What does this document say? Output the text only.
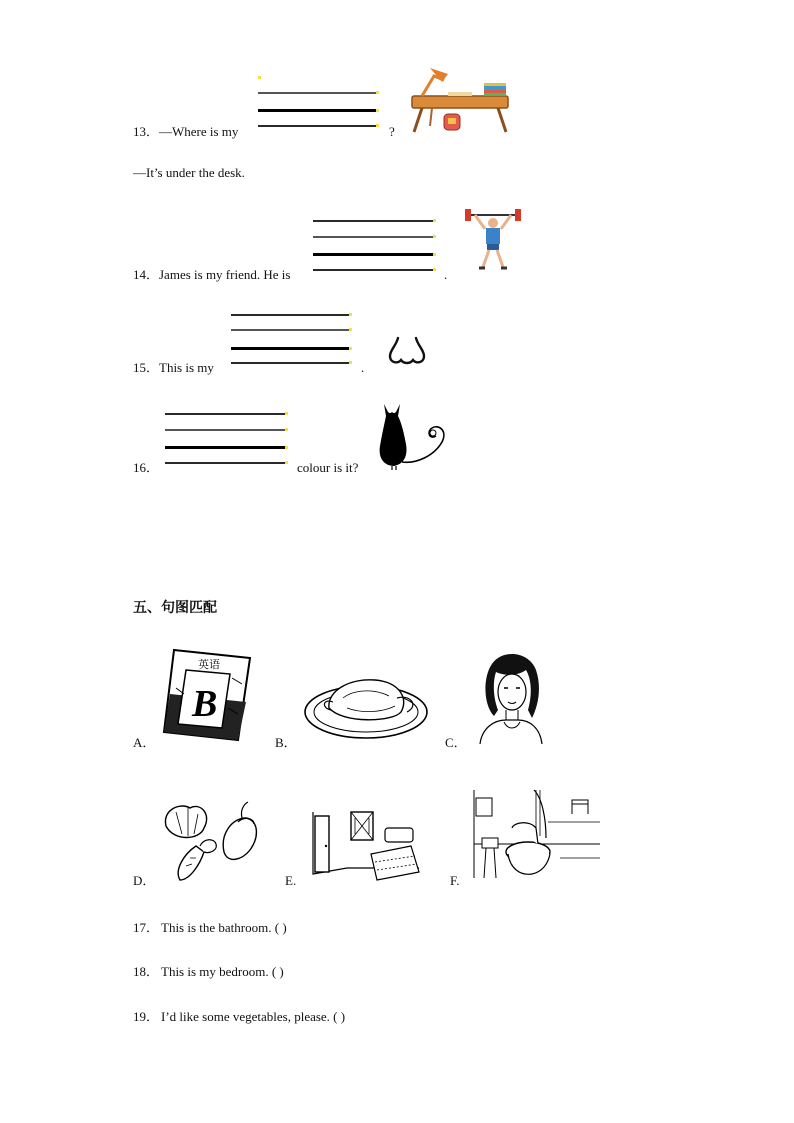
13． —Where is my	?
—It’s under the desk.
14． James is my friend. He is	.
15． This is my	.
16．	colour is it?
五、句图匹配
A．
英语
B
B．	C．
D．	E.	F.
17． This is the bathroom. ( )
18． This is my bedroom. ( )
19． I’d like some vegetables, please. ( )
